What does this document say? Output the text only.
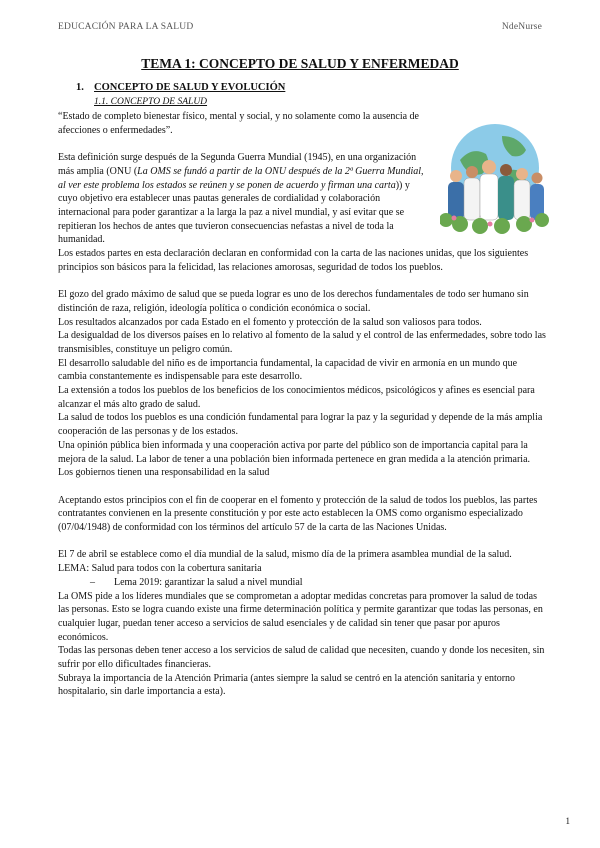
EDUCACIÓN PARA LA SALUD	NdeNurse
TEMA 1: CONCEPTO DE SALUD Y ENFERMEDAD
1. CONCEPTO DE SALUD Y EVOLUCIÓN
1.1. CONCEPTO DE SALUD

“Estado de completo bienestar físico, mental y social, y no solamente como la ausencia de afecciones o enfermedades”.

Esta definición surge después de la Segunda Guerra Mundial (1945), en una organización más amplia (ONU (La OMS se fundó a partir de la ONU después de la 2ª Guerra Mundial, al ver este problema los estados se reúnen y se ponen de acuerdo y firman una carta)) y cuyo objetivo era establecer unas pautas generales de cordialidad y colaboración internacional para poder garantizar a la larga la paz a nivel mundial, y así evitar que se repitieran los hechos de antes que tuvieron consecuencias nefastas a nivel de toda la humanidad.

Los estados partes en esta declaración declaran en conformidad con la carta de las naciones unidas, que los siguientes principios son básicos para la felicidad, las relaciones amorosas, seguridad de todos los pueblos.

El gozo del grado máximo de salud que se pueda lograr es uno de los derechos fundamentales de todo ser humano sin distinción de raza, religión, ideología política o condición económica o social.

Los resultados alcanzados por cada Estado en el fomento y protección de la salud son valiosos para todos.

La desigualdad de los diversos países en lo relativo al fomento de la salud y el control de las enfermedades, sobre todo las transmisibles, constituye un peligro común.

El desarrollo saludable del niño es de importancia fundamental, la capacidad de vivir en armonía en un mundo que cambia constantemente es indispensable para este desarrollo.

La extensión a todos los pueblos de los beneficios de los conocimientos médicos, psicológicos y afines es esencial para alcanzar el más alto grado de salud.

La salud de todos los pueblos es una condición fundamental para lograr la paz y la seguridad y depende de la más amplia cooperación de las personas y de los estados.

Una opinión pública bien informada y una cooperación activa por parte del público son de importancia capital para la mejora de la salud. La labor de tener a una población bien informada pertenece en gran medida a la atención primaria.

Los gobiernos tienen una responsabilidad en la salud

Aceptando estos principios con el fin de cooperar en el fomento y protección de la salud de todos los pueblos, las partes contratantes convienen en la presente constitución y por este acto establecen la OMS como organismo especializado (07/04/1948) de conformidad con los términos del artículo 57 de la carta de las Naciones Unidas.

El 7 de abril se establece como el día mundial de la salud, mismo día de la primera asamblea mundial de la salud.

LEMA: Salud para todos con la cobertura sanitaria

– Lema 2019: garantizar la salud a nivel mundial

La OMS pide a los líderes mundiales que se comprometan a adoptar medidas concretas para promover la salud de todas las personas. Esto se logra cuando existe una firme determinación política y permite garantizar que todas las personas, en cualquier lugar, puedan tener acceso a servicios de salud esenciales y de calidad sin tener que pasar por apuros económicos.

Todas las personas deben tener acceso a los servicios de salud de calidad que necesiten, cuando y donde los necesiten, sin sufrir por ello dificultades financieras.

Subraya la importancia de la Atención Primaria (antes siempre la salud se centró en la atención sanitaria y entorno hospitalario, sin darle importancia a esta).

1
